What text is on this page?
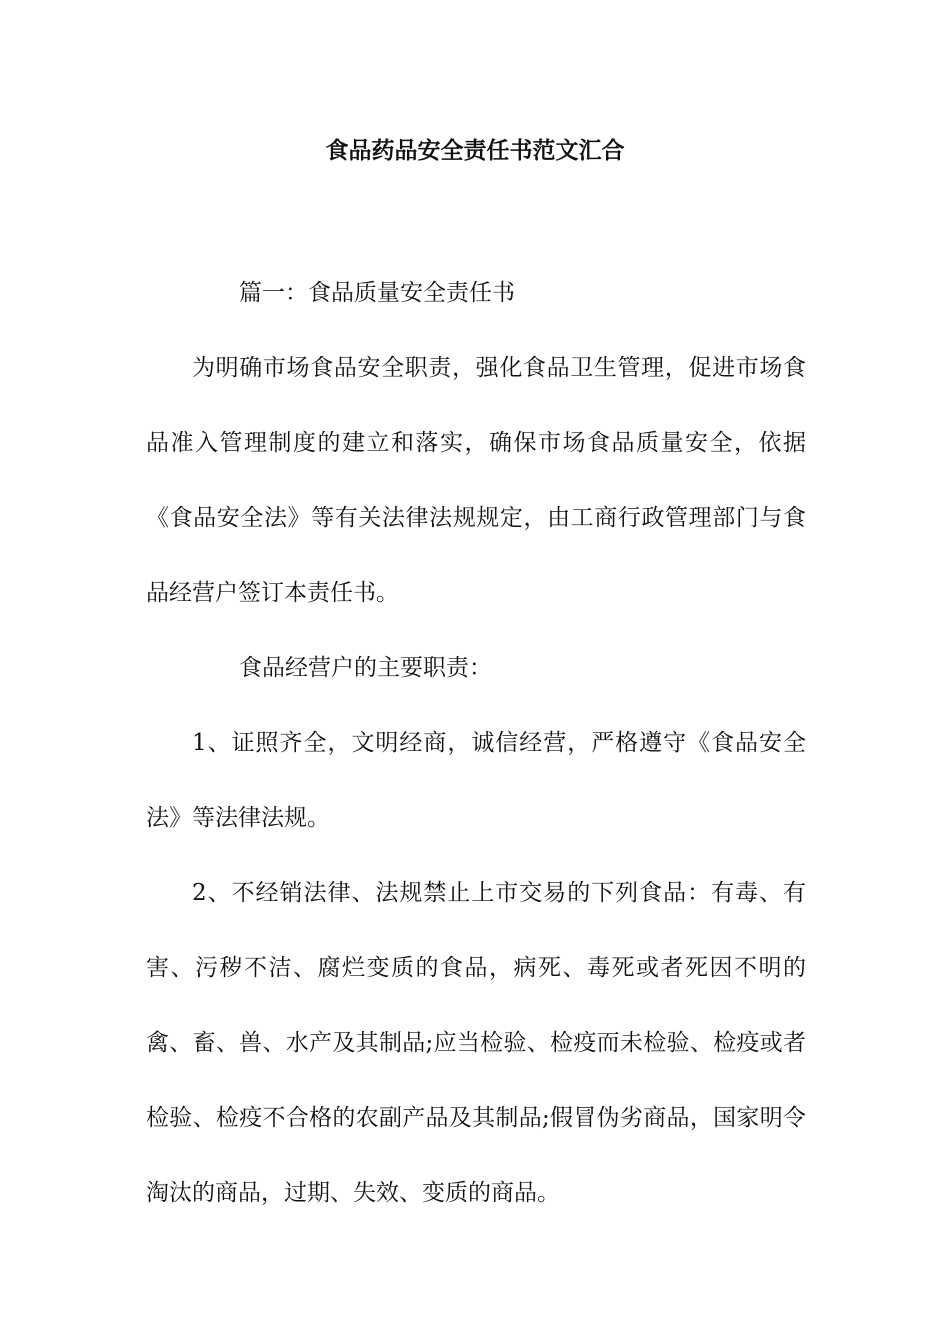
食品药品安全责任书范文汇合

篇一：食品质量安全责任书

为明确市场食品安全职责，强化食品卫生管理，促进市场食品准入管理制度的建立和落实，确保市场食品质量安全，依据《食品安全法》等有关法律法规规定，由工商行政管理部门与食品经营户签订本责任书。

食品经营户的主要职责：

1、证照齐全，文明经商，诚信经营，严格遵守《食品安全法》等法律法规。

2、不经销法律、法规禁止上市交易的下列食品：有毒、有害、污秽不洁、腐烂变质的食品，病死、毒死或者死因不明的禽、畜、兽、水产及其制品;应当检验、检疫而未检验、检疫或者检验、检疫不合格的农副产品及其制品;假冒伪劣商品，国家明令淘汰的商品，过期、失效、变质的商品。
